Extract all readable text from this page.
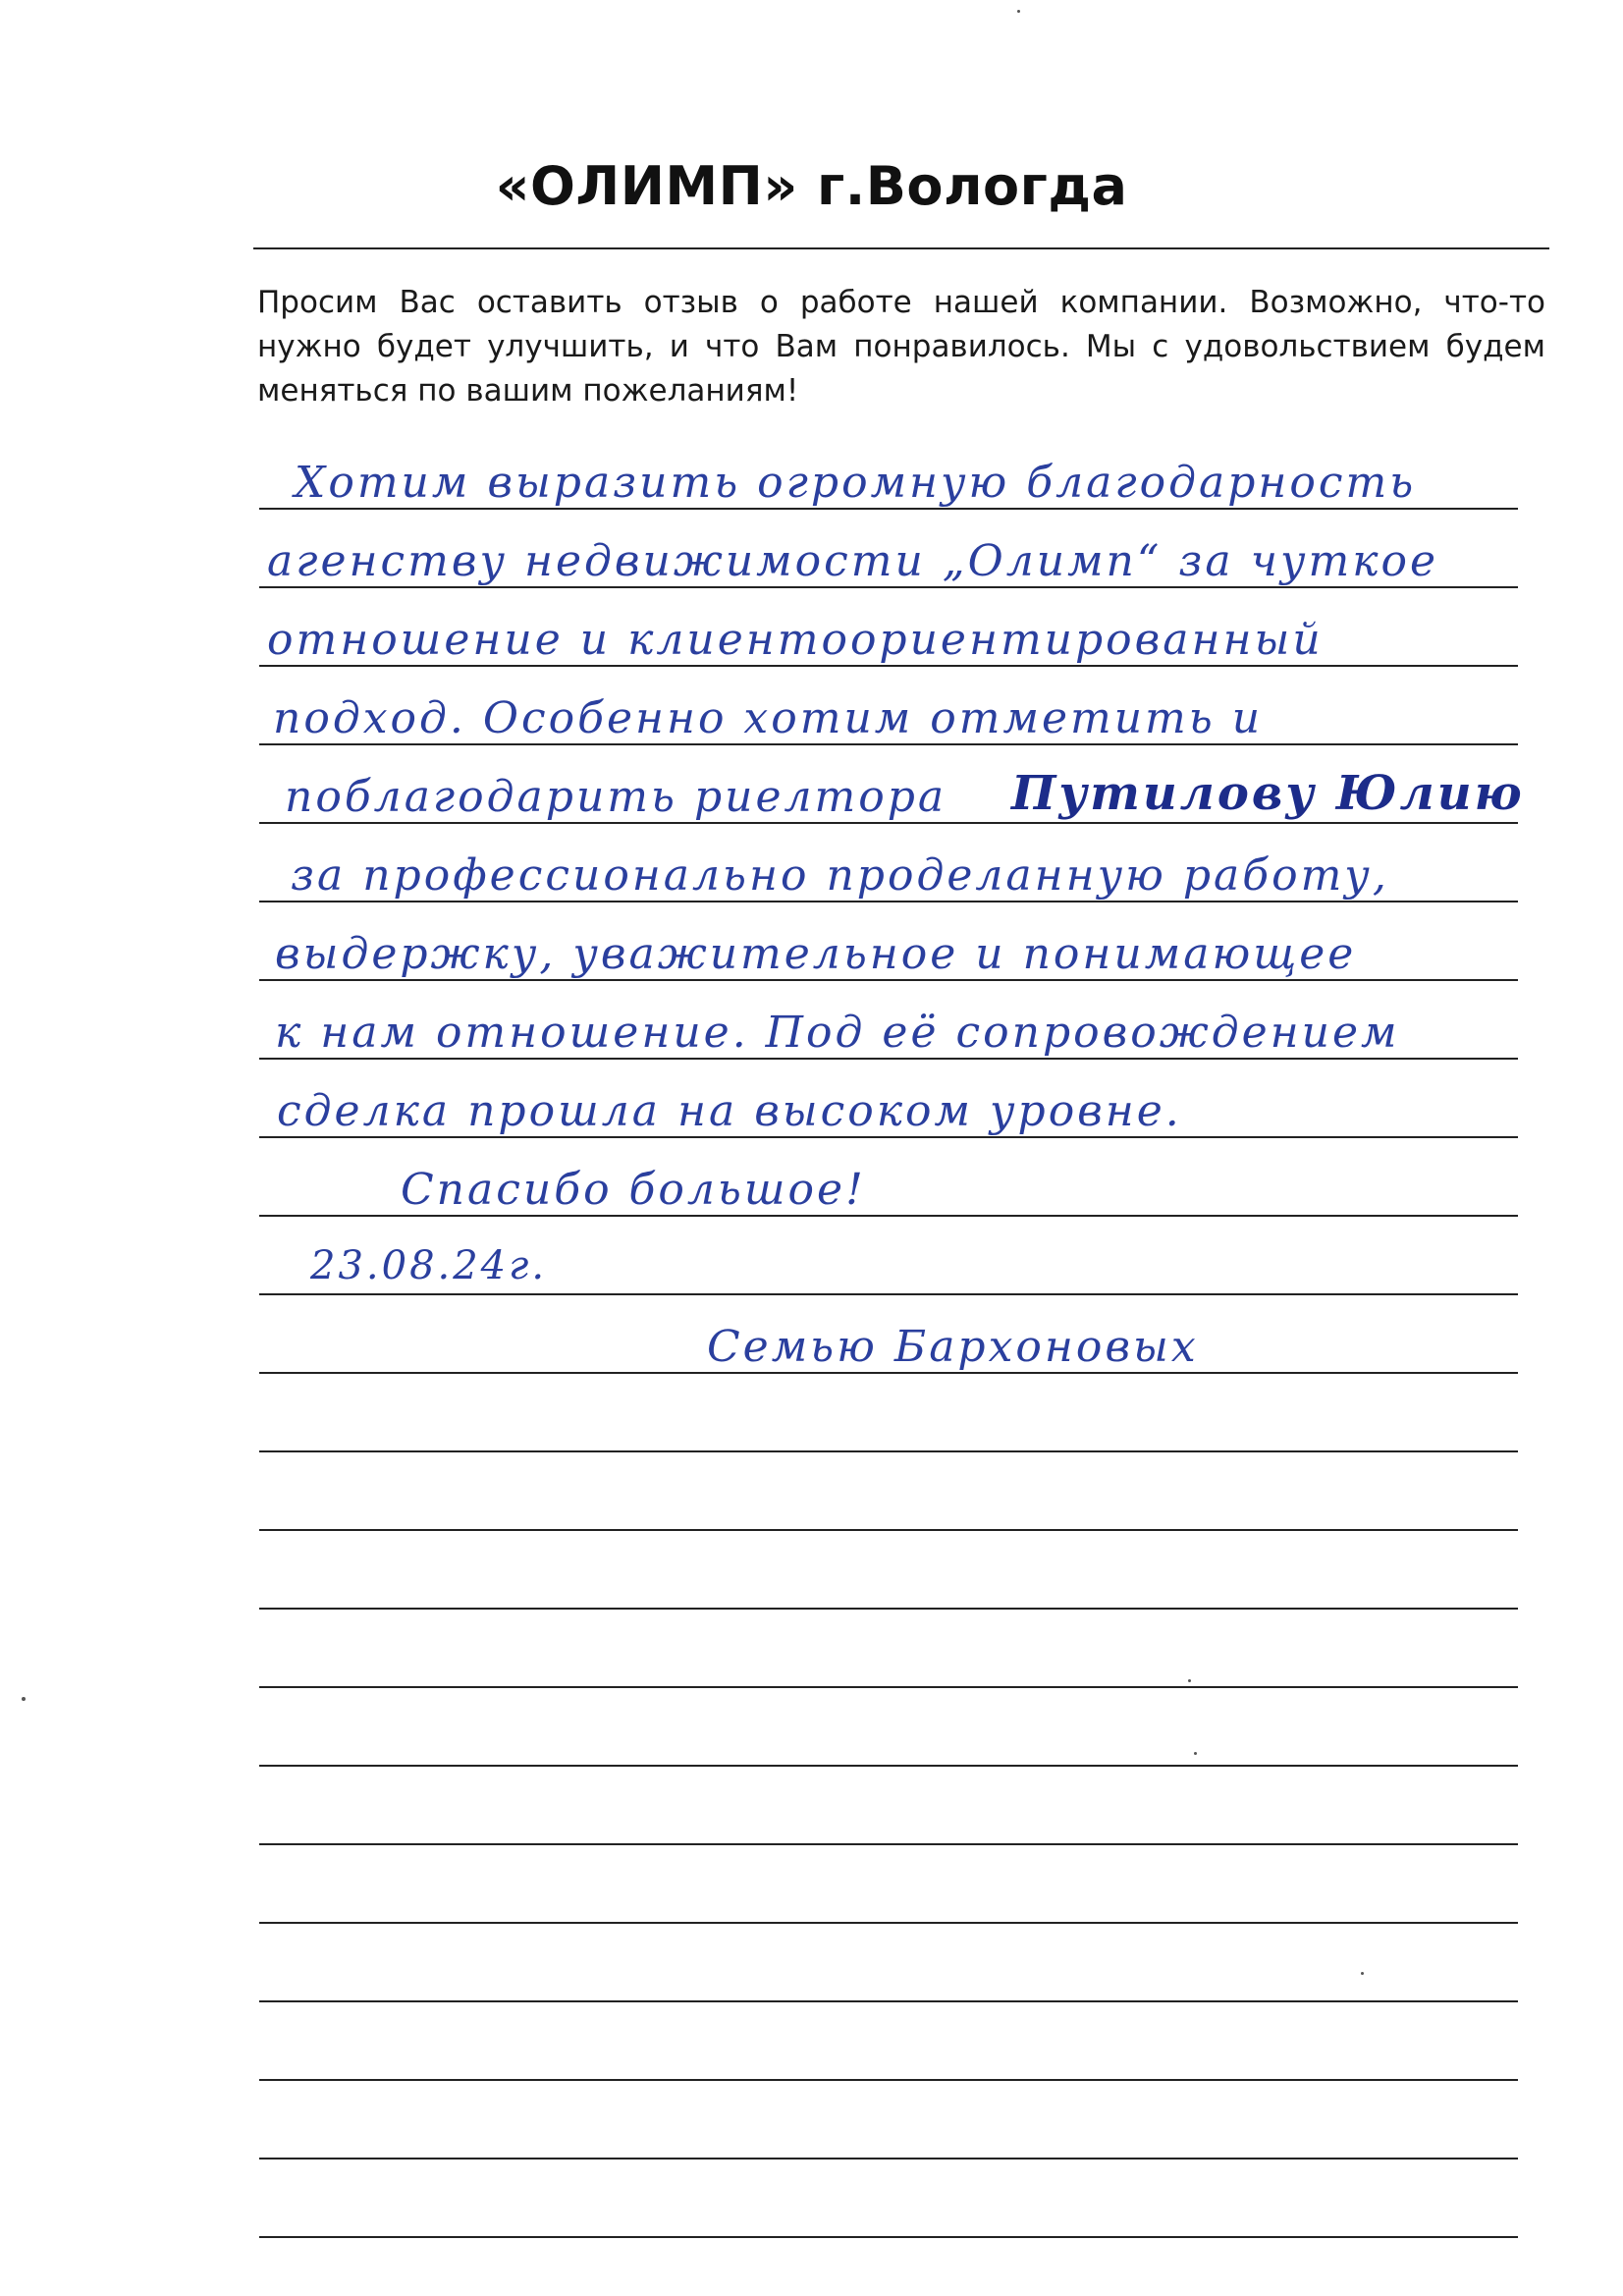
«ОЛИМП» г.Вологда
Просим Вас оставить отзыв о работе нашей компании. Возможно, что-то нужно будет улучшить, и что Вам понравилось. Мы с удовольствием будем меняться по вашим пожеланиям!
Хотим выразить огромную благодарность
агенству недвижимости „Олимп“ за чуткое
отношение и клиентоориентированный
подход. Особенно хотим отметить и
поблагодарить риелтора Путилову Юлию
за профессионально проделанную работу,
выдержку, уважительное и понимающее
к нам отношение. Под её сопровождением
сделка прошла на высоком уровне.
Спасибо большое!
23.08.24г.
Семью Бархоновых
